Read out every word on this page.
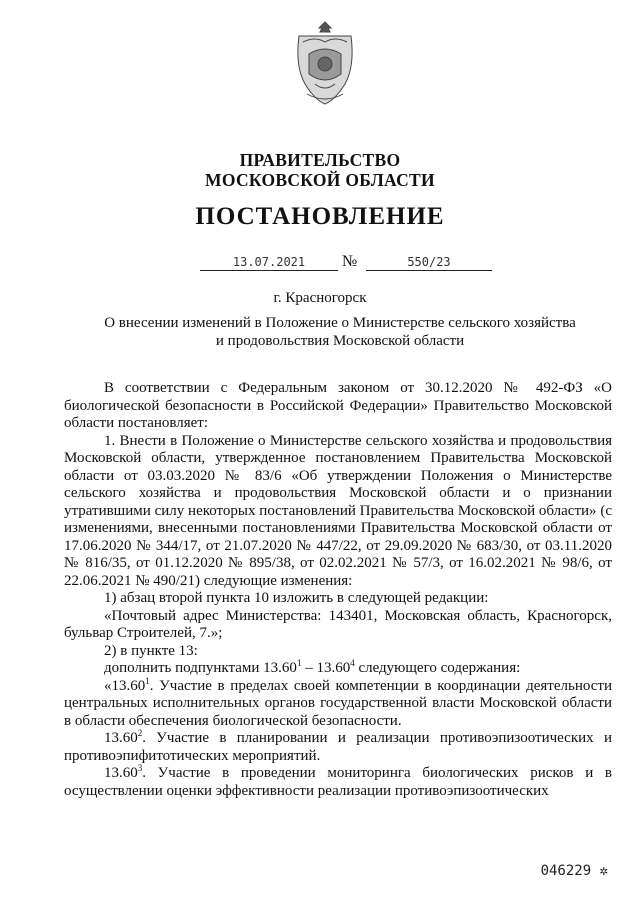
ПРАВИТЕЛЬСТВО
МОСКОВСКОЙ ОБЛАСТИ
ПОСТАНОВЛЕНИЕ
13.07.2021	№	550/23
г. Красногорск
О внесении изменений в Положение о Министерстве сельского хозяйства
и продовольствия Московской области

В соответствии с Федеральным законом от 30.12.2020 № 492-ФЗ «О биологической безопасности в Российской Федерации» Правительство Московской области постановляет:

1. Внести в Положение о Министерстве сельского хозяйства и продовольствия Московской области, утвержденное постановлением Правительства Московской области от 03.03.2020 № 83/6 «Об утверждении Положения о Министерстве сельского хозяйства и продовольствия Московской области и о признании утратившими силу некоторых постановлений Правительства Московской области» (с изменениями, внесенными постановлениями Правительства Московской области от 17.06.2020 № 344/17, от 21.07.2020 № 447/22, от 29.09.2020 № 683/30, от 03.11.2020 № 816/35, от 01.12.2020 № 895/38, от 02.02.2021 № 57/3, от 16.02.2021 № 98/6, от 22.06.2021 № 490/21) следующие изменения:

1) абзац второй пункта 10 изложить в следующей редакции:

«Почтовый адрес Министерства: 143401, Московская область, Красногорск, бульвар Строителей, 7.»;

2) в пункте 13:

дополнить подпунктами 13.60$^1$ – 13.60$^4$ следующего содержания:

«13.60$^1$. Участие в пределах своей компетенции в координации деятельности центральных исполнительных органов государственной власти Московской области в области обеспечения биологической безопасности.

13.60$^2$. Участие в планировании и реализации противоэпизоотических и противоэпифитотических мероприятий.

13.60$^3$. Участие в проведении мониторинга биологических рисков и в осуществлении оценки эффективности реализации противоэпизоотических

046229 ✲
